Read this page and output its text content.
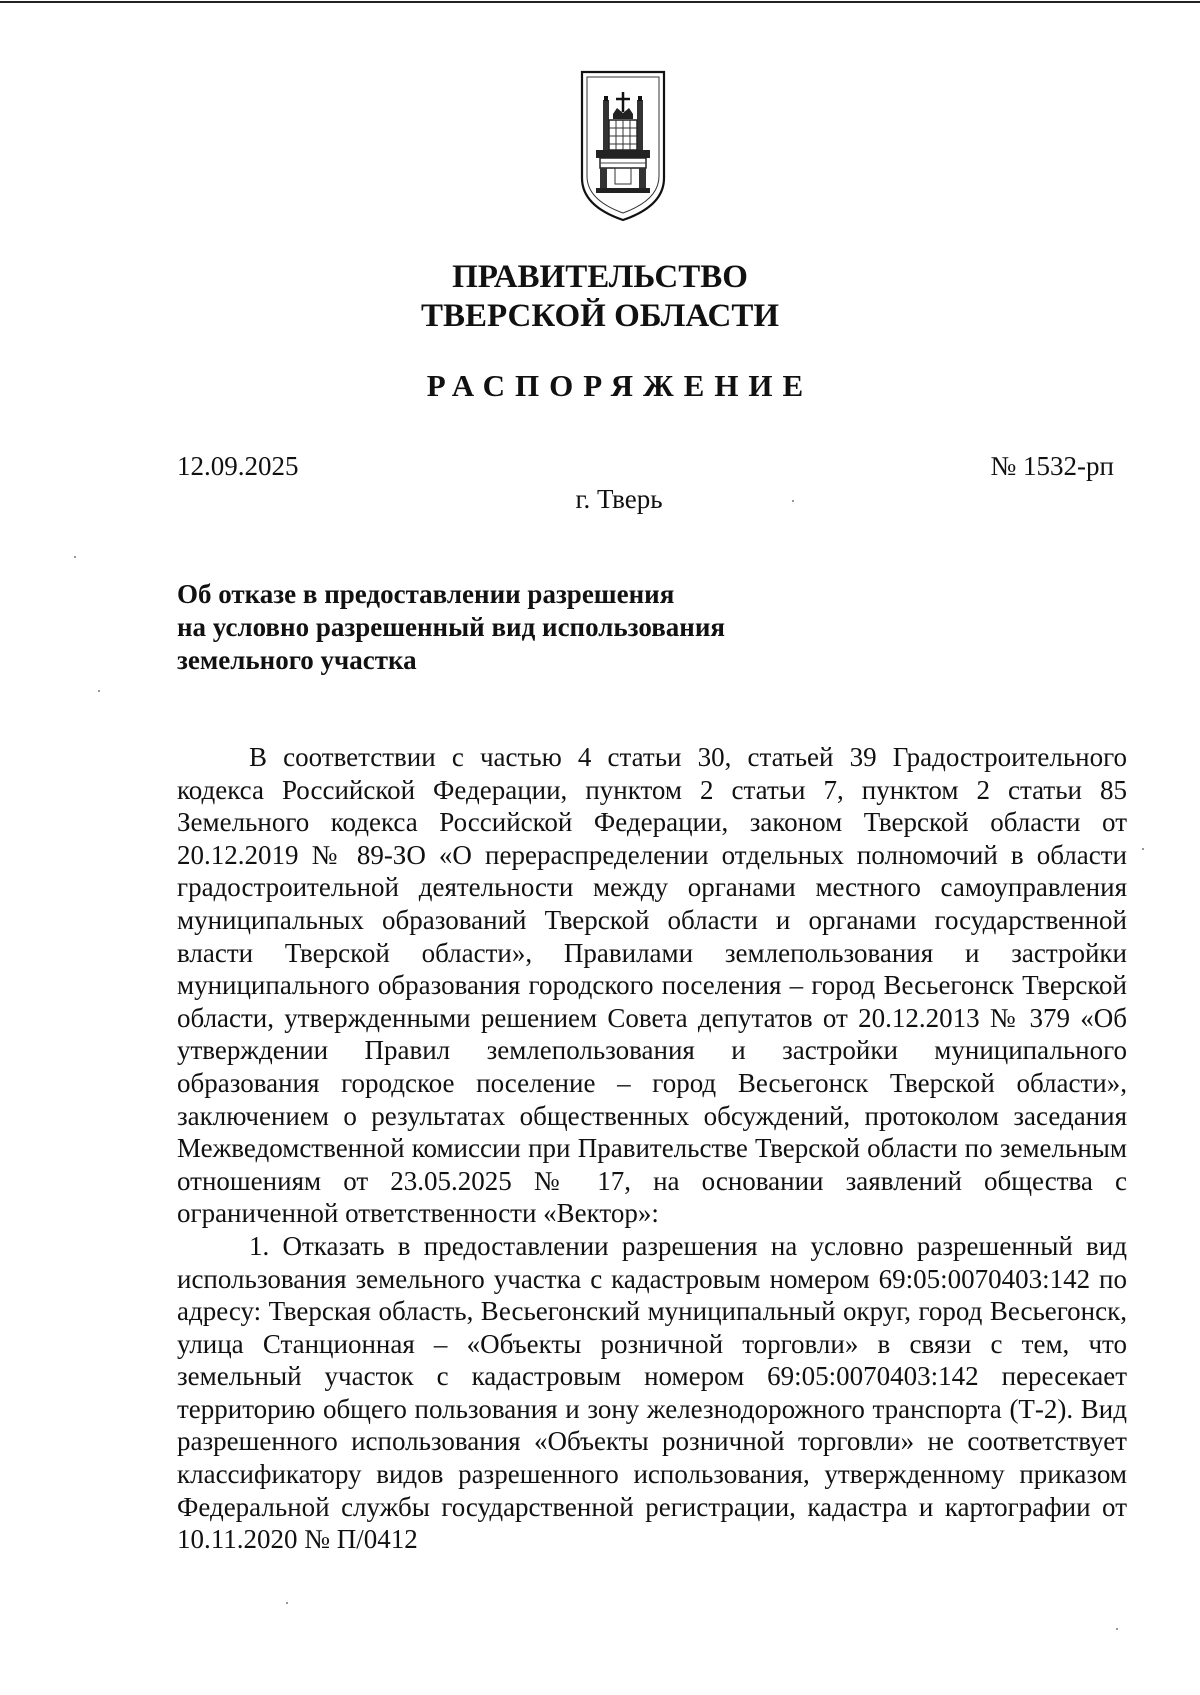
ПРАВИТЕЛЬСТВО
ТВЕРСКОЙ ОБЛАСТИ
РАСПОРЯЖЕНИЕ
12.09.2025	№ 1532-рп
г. Тверь
Об отказе в предоставлении разрешения
на условно разрешенный вид использования
земельного участка

В соответствии с частью 4 статьи 30, статьей 39 Градостроительного кодекса Российской Федерации, пунктом 2 статьи 7, пунктом 2 статьи 85 Земельного кодекса Российской Федерации, законом Тверской области от 20.12.2019 № 89-ЗО «О перераспределении отдельных полномочий в области градостроительной деятельности между органами местного самоуправления муниципальных образований Тверской области и органами государственной власти Тверской области», Правилами землепользования и застройки муниципального образования городского поселения – город Весьегонск Тверской области, утвержденными решением Совета депутатов от 20.12.2013 № 379 «Об утверждении Правил землепользования и застройки муниципального образования городское поселение – город Весьегонск Тверской области», заключением о результатах общественных обсуждений, протоколом заседания Межведомственной комиссии при Правительстве Тверской области по земельным отношениям от 23.05.2025 № 17, на основании заявлений общества с ограниченной ответственности «Вектор»:

1. Отказать в предоставлении разрешения на условно разрешенный вид использования земельного участка с кадастровым номером 69:05:0070403:142 по адресу: Тверская область, Весьегонский муниципальный округ, город Весьегонск, улица Станционная – «Объекты розничной торговли» в связи с тем, что земельный участок с кадастровым номером 69:05:0070403:142 пересекает территорию общего пользования и зону железнодорожного транспорта (Т-2). Вид разрешенного использования «Объекты розничной торговли» не соответствует классификатору видов разрешенного использования, утвержденному приказом Федеральной службы государственной регистрации, кадастра и картографии от 10.11.2020 № П/0412
